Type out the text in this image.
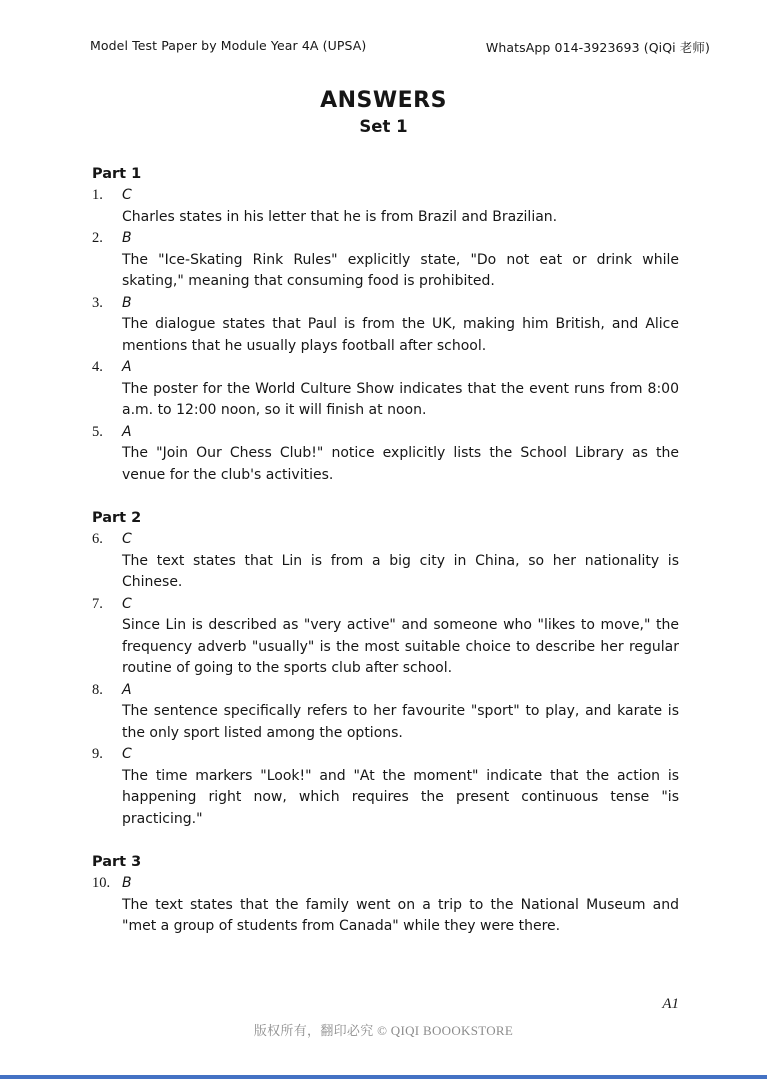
Model Test Paper by Module Year 4A (UPSA)	WhatsApp 014-3923693 (QiQi 老师)
ANSWERS
Set 1
Part 1
1.	C
Charles states in his letter that he is from Brazil and Brazilian.
2.	B
The "Ice-Skating Rink Rules" explicitly state, "Do not eat or drink while skating," meaning that consuming food is prohibited.
3.	B
The dialogue states that Paul is from the UK, making him British, and Alice mentions that he usually plays football after school.
4.	A
The poster for the World Culture Show indicates that the event runs from 8:00 a.m. to 12:00 noon, so it will finish at noon.
5.	A
The "Join Our Chess Club!" notice explicitly lists the School Library as the venue for the club's activities.
Part 2
6.	C
The text states that Lin is from a big city in China, so her nationality is Chinese.
7.	C
Since Lin is described as "very active" and someone who "likes to move," the frequency adverb "usually" is the most suitable choice to describe her regular routine of going to the sports club after school.
8.	A
The sentence specifically refers to her favourite "sport" to play, and karate is the only sport listed among the options.
9.	C
The time markers "Look!" and "At the moment" indicate that the action is happening right now, which requires the present continuous tense "is practicing."
Part 3
10. B
The text states that the family went on a trip to the National Museum and "met a group of students from Canada" while they were there.
A1
版权所有，翻印必究 © QIQI BOOOKSTORE
